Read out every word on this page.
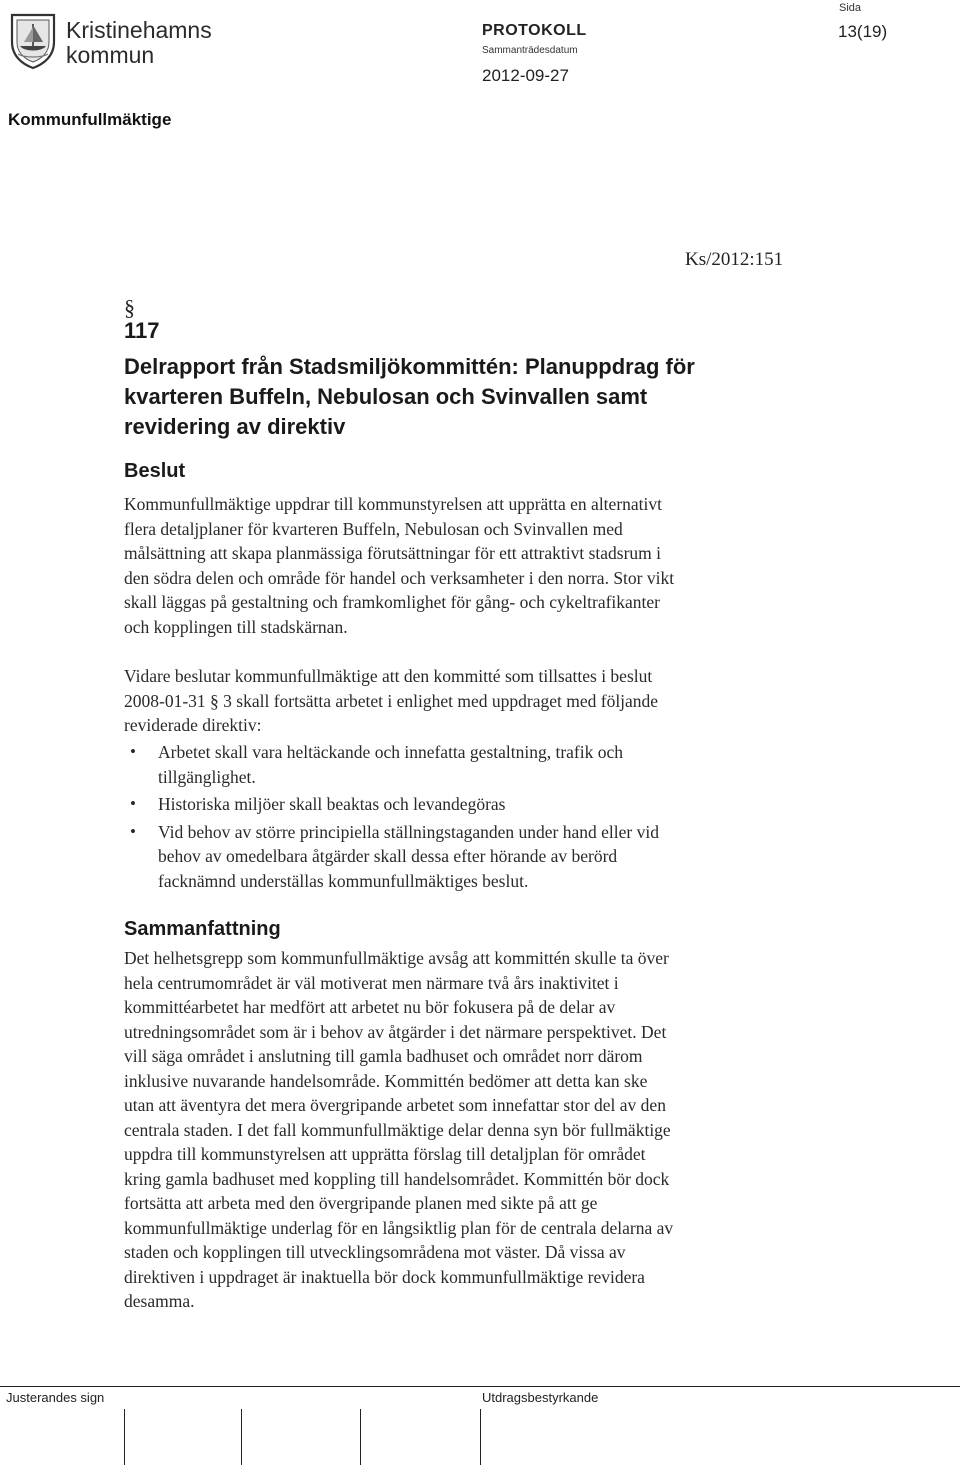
Kristinehamns
kommun
PROTOKOLL
Sammanträdesdatum
2012-09-27
Sida
13(19)
Kommunfullmäktige
Ks/2012:151
§
117
Delrapport från Stadsmiljökommittén: Planuppdrag för
kvarteren Buffeln, Nebulosan och Svinvallen samt
revidering av direktiv
Beslut
Kommunfullmäktige uppdrar till kommunstyrelsen att upprätta en alternativt
flera detaljplaner för kvarteren Buffeln, Nebulosan och Svinvallen med
målsättning att skapa planmässiga förutsättningar för ett attraktivt stadsrum i
den södra delen och område för handel och verksamheter i den norra. Stor vikt
skall läggas på gestaltning och framkomlighet för gång- och cykeltrafikanter
och kopplingen till stadskärnan.
Vidare beslutar kommunfullmäktige att den kommitté som tillsattes i beslut
2008-01-31 § 3 skall fortsätta arbetet i enlighet med uppdraget med följande
reviderade direktiv:
• Arbetet skall vara heltäckande och innefatta gestaltning, trafik och
tillgänglighet.
• Historiska miljöer skall beaktas och levandegöras
• Vid behov av större principiella ställningstaganden under hand eller vid
behov av omedelbara åtgärder skall dessa efter hörande av berörd
facknämnd underställas kommunfullmäktiges beslut.
Sammanfattning
Det helhetsgrepp som kommunfullmäktige avsåg att kommittén skulle ta över
hela centrumområdet är väl motiverat men närmare två års inaktivitet i
kommittéarbetet har medfört att arbetet nu bör fokusera på de delar av
utredningsområdet som är i behov av åtgärder i det närmare perspektivet. Det
vill säga området i anslutning till gamla badhuset och området norr därom
inklusive nuvarande handelsområde. Kommittén bedömer att detta kan ske
utan att äventyra det mera övergripande arbetet som innefattar stor del av den
centrala staden. I det fall kommunfullmäktige delar denna syn bör fullmäktige
uppdra till kommunstyrelsen att upprätta förslag till detaljplan för området
kring gamla badhuset med koppling till handelsområdet. Kommittén bör dock
fortsätta att arbeta med den övergripande planen med sikte på att ge
kommunfullmäktige underlag för en långsiktlig plan för de centrala delarna av
staden och kopplingen till utvecklingsområdena mot väster. Då vissa av
direktiven i uppdraget är inaktuella bör dock kommunfullmäktige revidera
desamma.
Justerandes sign	Utdragsbestyrkande
